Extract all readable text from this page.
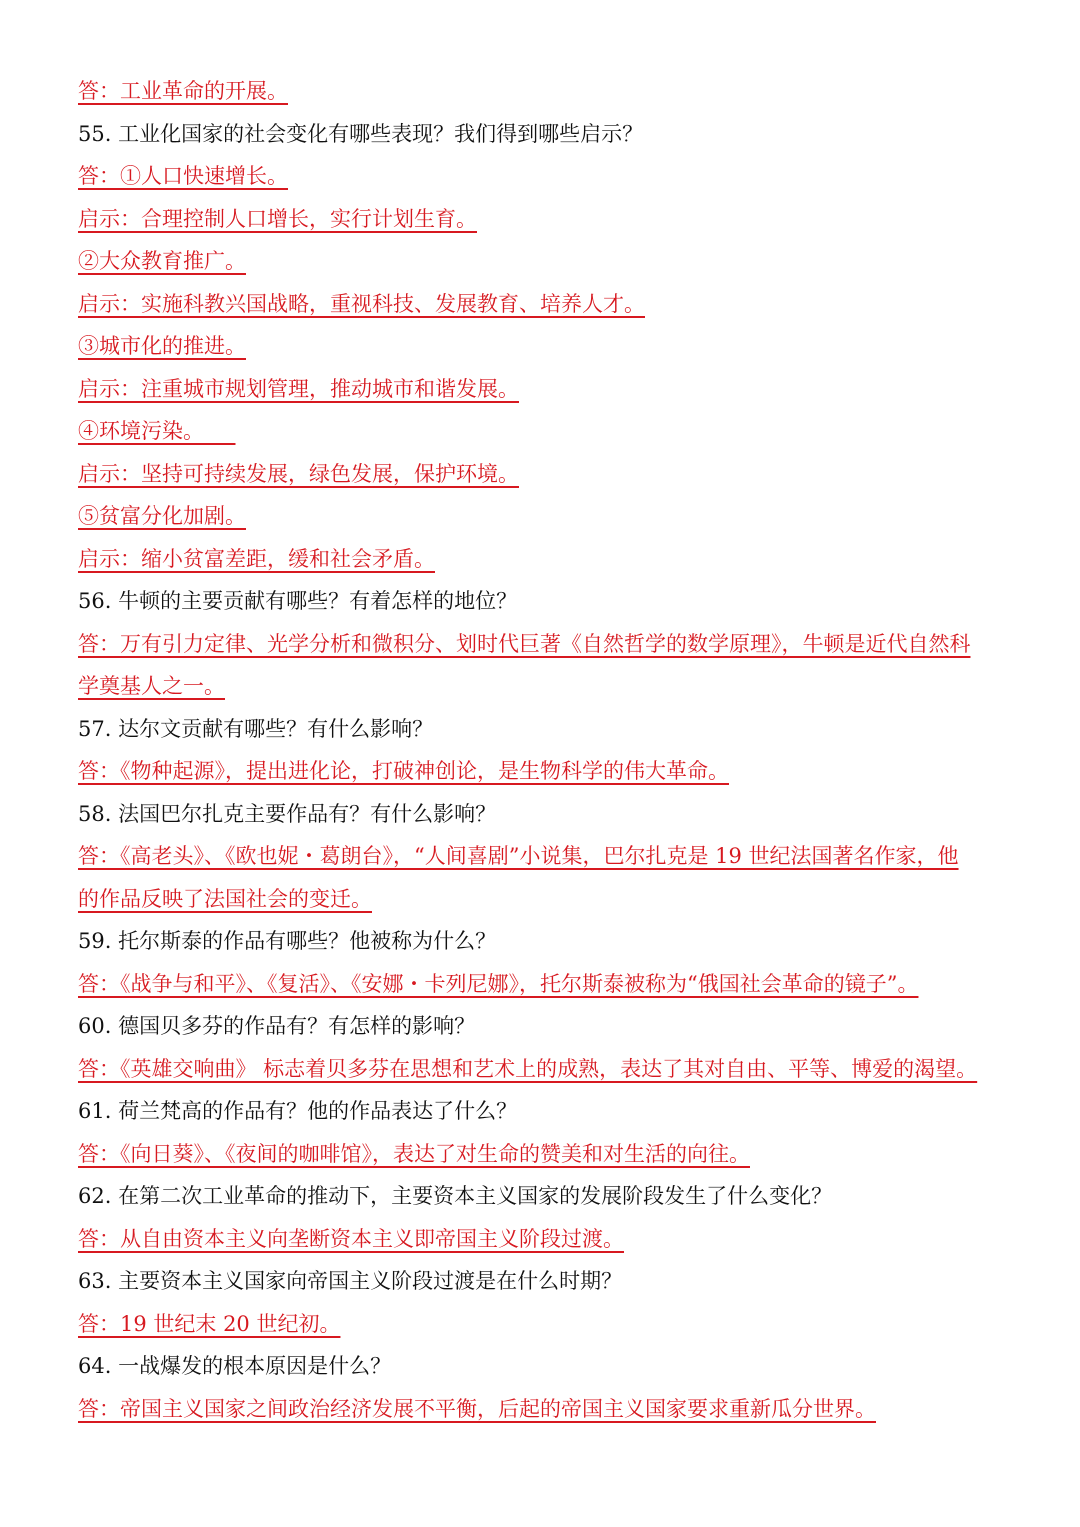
答：工业革命的开展。
55. 工业化国家的社会变化有哪些表现？我们得到哪些启示？
答：①人口快速增长。
启示：合理控制人口增长，实行计划生育。
②大众教育推广。
启示：实施科教兴国战略，重视科技、发展教育、培养人才。
③城市化的推进。
启示：注重城市规划管理，推动城市和谐发展。
④环境污染。　　
启示：坚持可持续发展，绿色发展，保护环境。
⑤贫富分化加剧。
启示：缩小贫富差距，缓和社会矛盾。
56. 牛顿的主要贡献有哪些？有着怎样的地位？
答：万有引力定律、光学分析和微积分、划时代巨著《自然哲学的数学原理》，牛顿是近代自然科
学奠基人之一。
57. 达尔文贡献有哪些？有什么影响？
答：《物种起源》，提出进化论，打破神创论，是生物科学的伟大革命。
58. 法国巴尔扎克主要作品有？有什么影响？
答：《高老头》、《欧也妮・葛朗台》，“人间喜剧”小说集，巴尔扎克是 19 世纪法国著名作家，他
的作品反映了法国社会的变迁。
59. 托尔斯泰的作品有哪些？他被称为什么？
答：《战争与和平》、《复活》、《安娜・卡列尼娜》，托尔斯泰被称为“俄国社会革命的镜子”。
60. 德国贝多芬的作品有？有怎样的影响？
答：《英雄交响曲》 标志着贝多芬在思想和艺术上的成熟，表达了其对自由、平等、博爱的渴望。
61. 荷兰梵高的作品有？他的作品表达了什么？
答：《向日葵》、《夜间的咖啡馆》，表达了对生命的赞美和对生活的向往。
62. 在第二次工业革命的推动下，主要资本主义国家的发展阶段发生了什么变化？
答：从自由资本主义向垄断资本主义即帝国主义阶段过渡。
63. 主要资本主义国家向帝国主义阶段过渡是在什么时期？
答：19 世纪末 20 世纪初。
64. 一战爆发的根本原因是什么？
答：帝国主义国家之间政治经济发展不平衡，后起的帝国主义国家要求重新瓜分世界。
